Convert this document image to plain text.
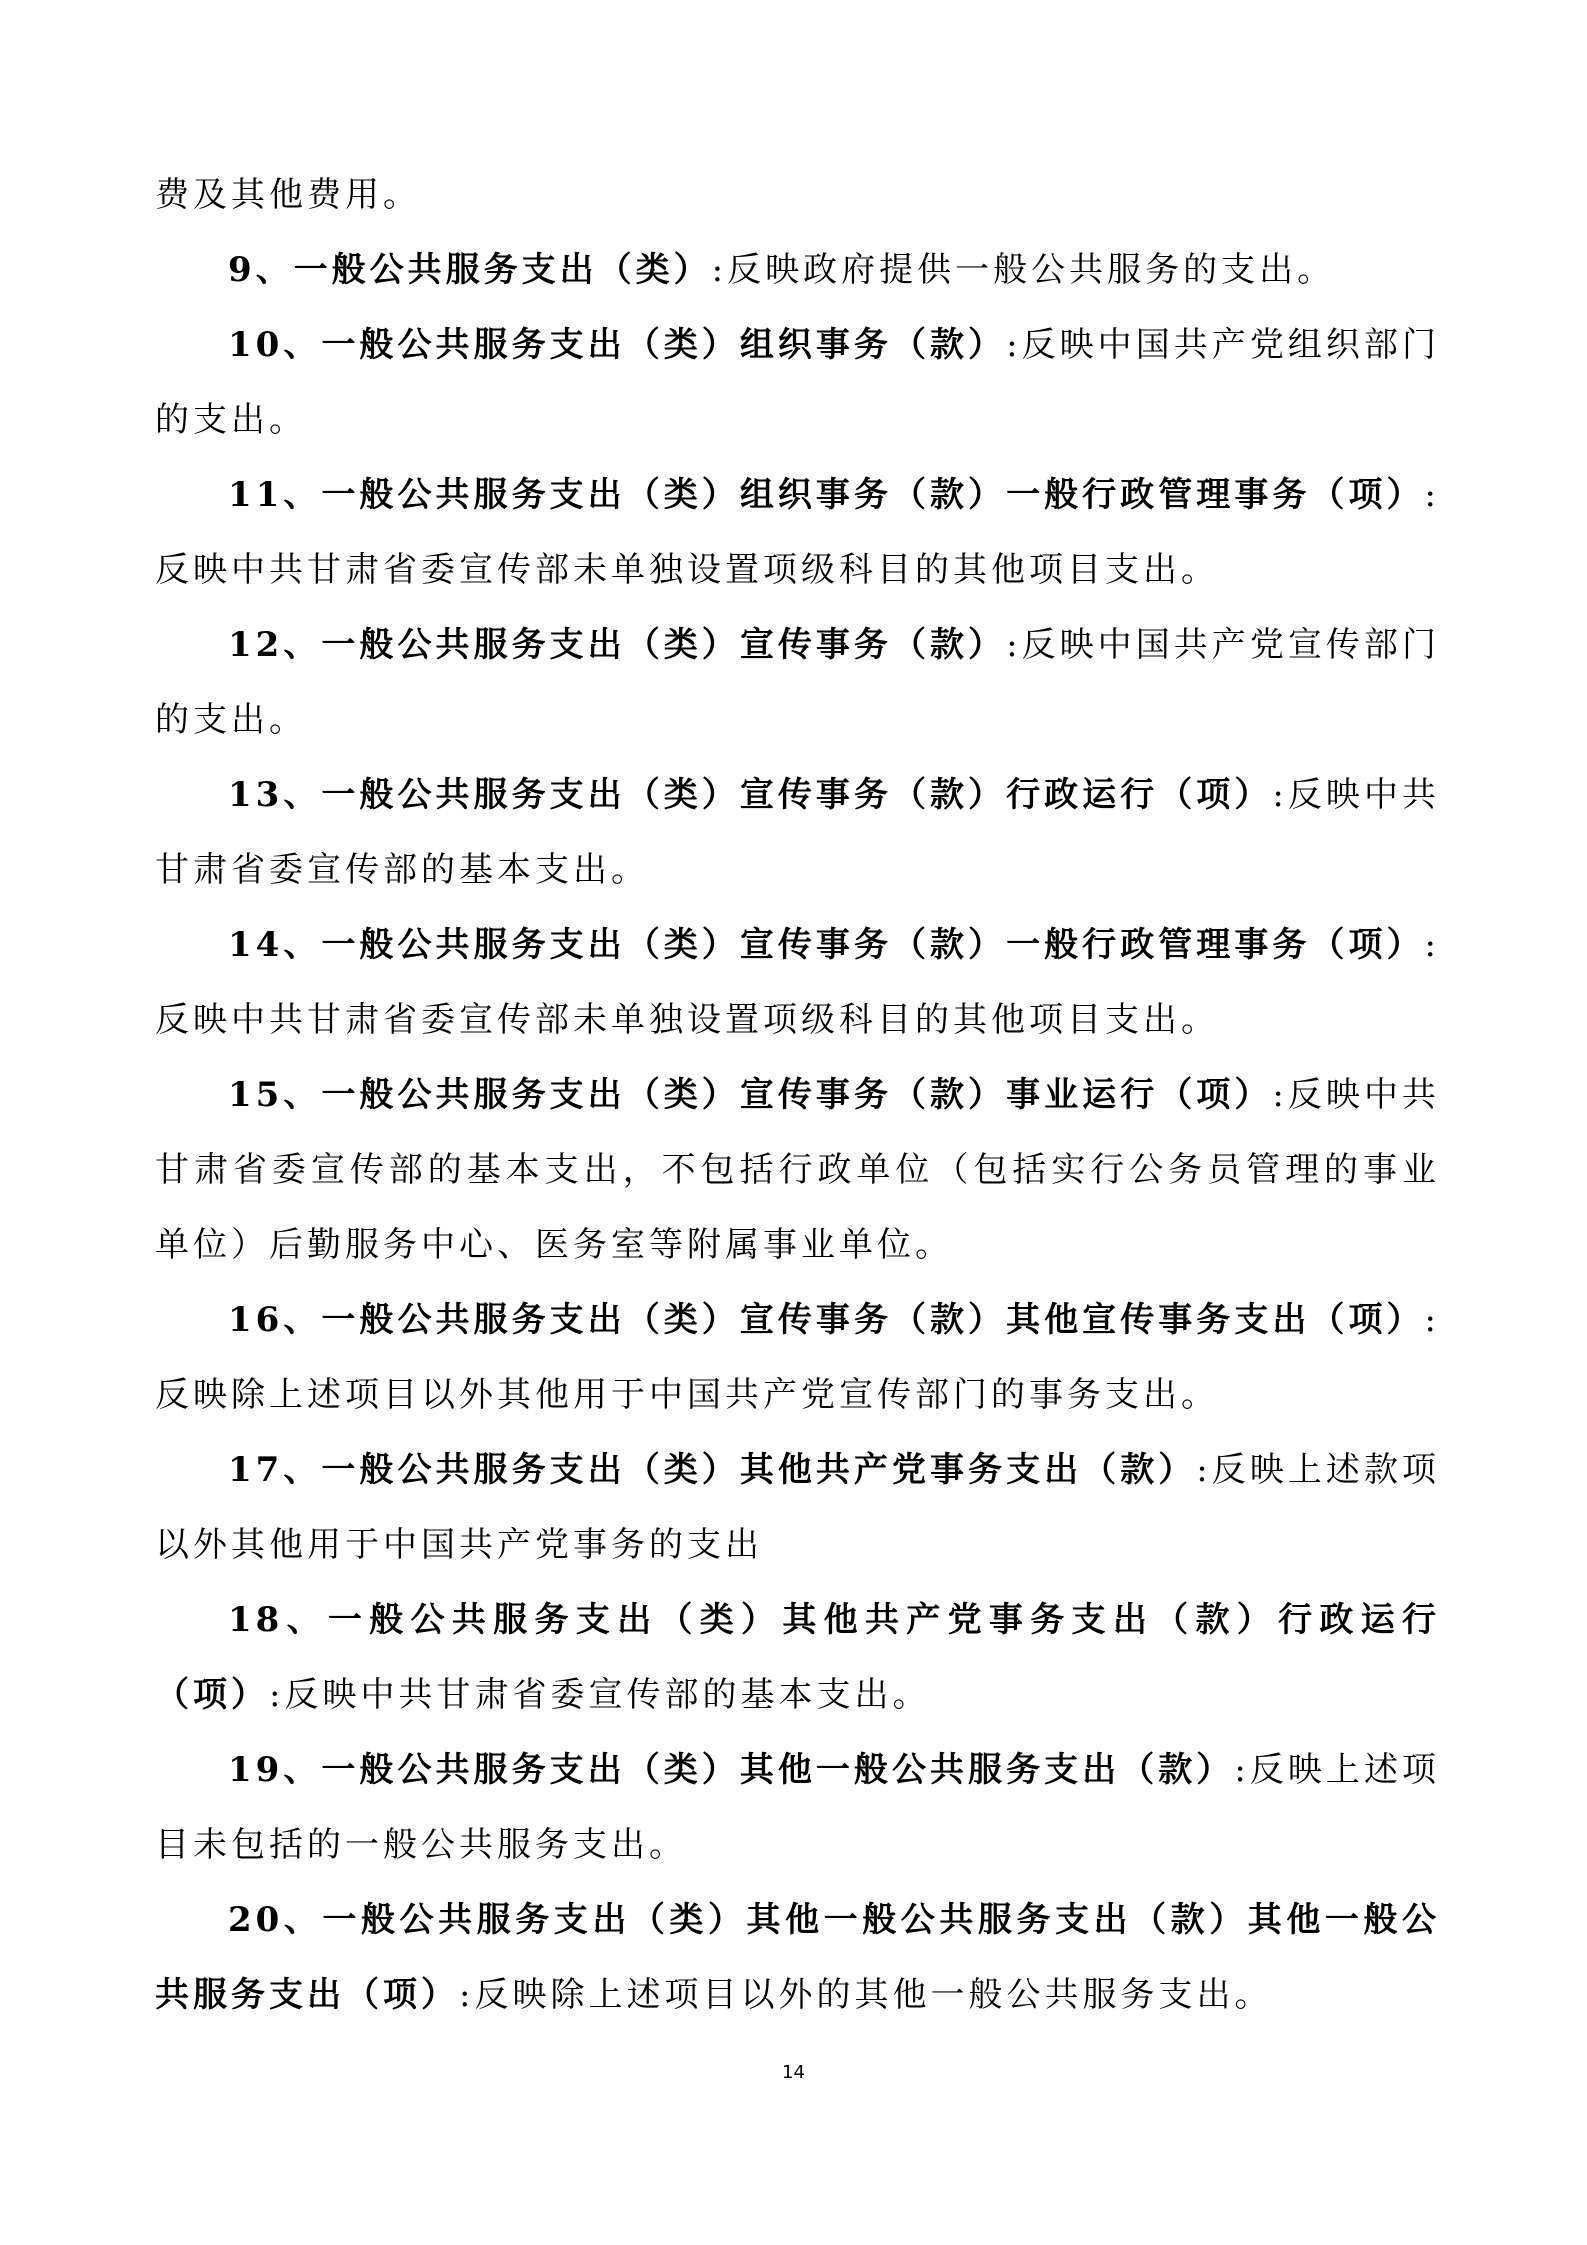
费及其他费用。

9、一般公共服务支出（类）:反映政府提供一般公共服务的支出。

10、一般公共服务支出（类）组织事务（款）:反映中国共产党组织部门的支出。

11、一般公共服务支出（类）组织事务（款）一般行政管理事务（项）:反映中共甘肃省委宣传部未单独设置项级科目的其他项目支出。

12、一般公共服务支出（类）宣传事务（款）:反映中国共产党宣传部门的支出。

13、一般公共服务支出（类）宣传事务（款）行政运行（项）:反映中共甘肃省委宣传部的基本支出。

14、一般公共服务支出（类）宣传事务（款）一般行政管理事务（项）:反映中共甘肃省委宣传部未单独设置项级科目的其他项目支出。

15、一般公共服务支出（类）宣传事务（款）事业运行（项）:反映中共甘肃省委宣传部的基本支出，不包括行政单位（包括实行公务员管理的事业单位）后勤服务中心、医务室等附属事业单位。

16、一般公共服务支出（类）宣传事务（款）其他宣传事务支出（项）:反映除上述项目以外其他用于中国共产党宣传部门的事务支出。

17、一般公共服务支出（类）其他共产党事务支出（款）:反映上述款项以外其他用于中国共产党事务的支出

18、一般公共服务支出（类）其他共产党事务支出（款）行政运行（项）:反映中共甘肃省委宣传部的基本支出。

19、一般公共服务支出（类）其他一般公共服务支出（款）:反映上述项目未包括的一般公共服务支出。

20、一般公共服务支出（类）其他一般公共服务支出（款）其他一般公共服务支出（项）:反映除上述项目以外的其他一般公共服务支出。

14
